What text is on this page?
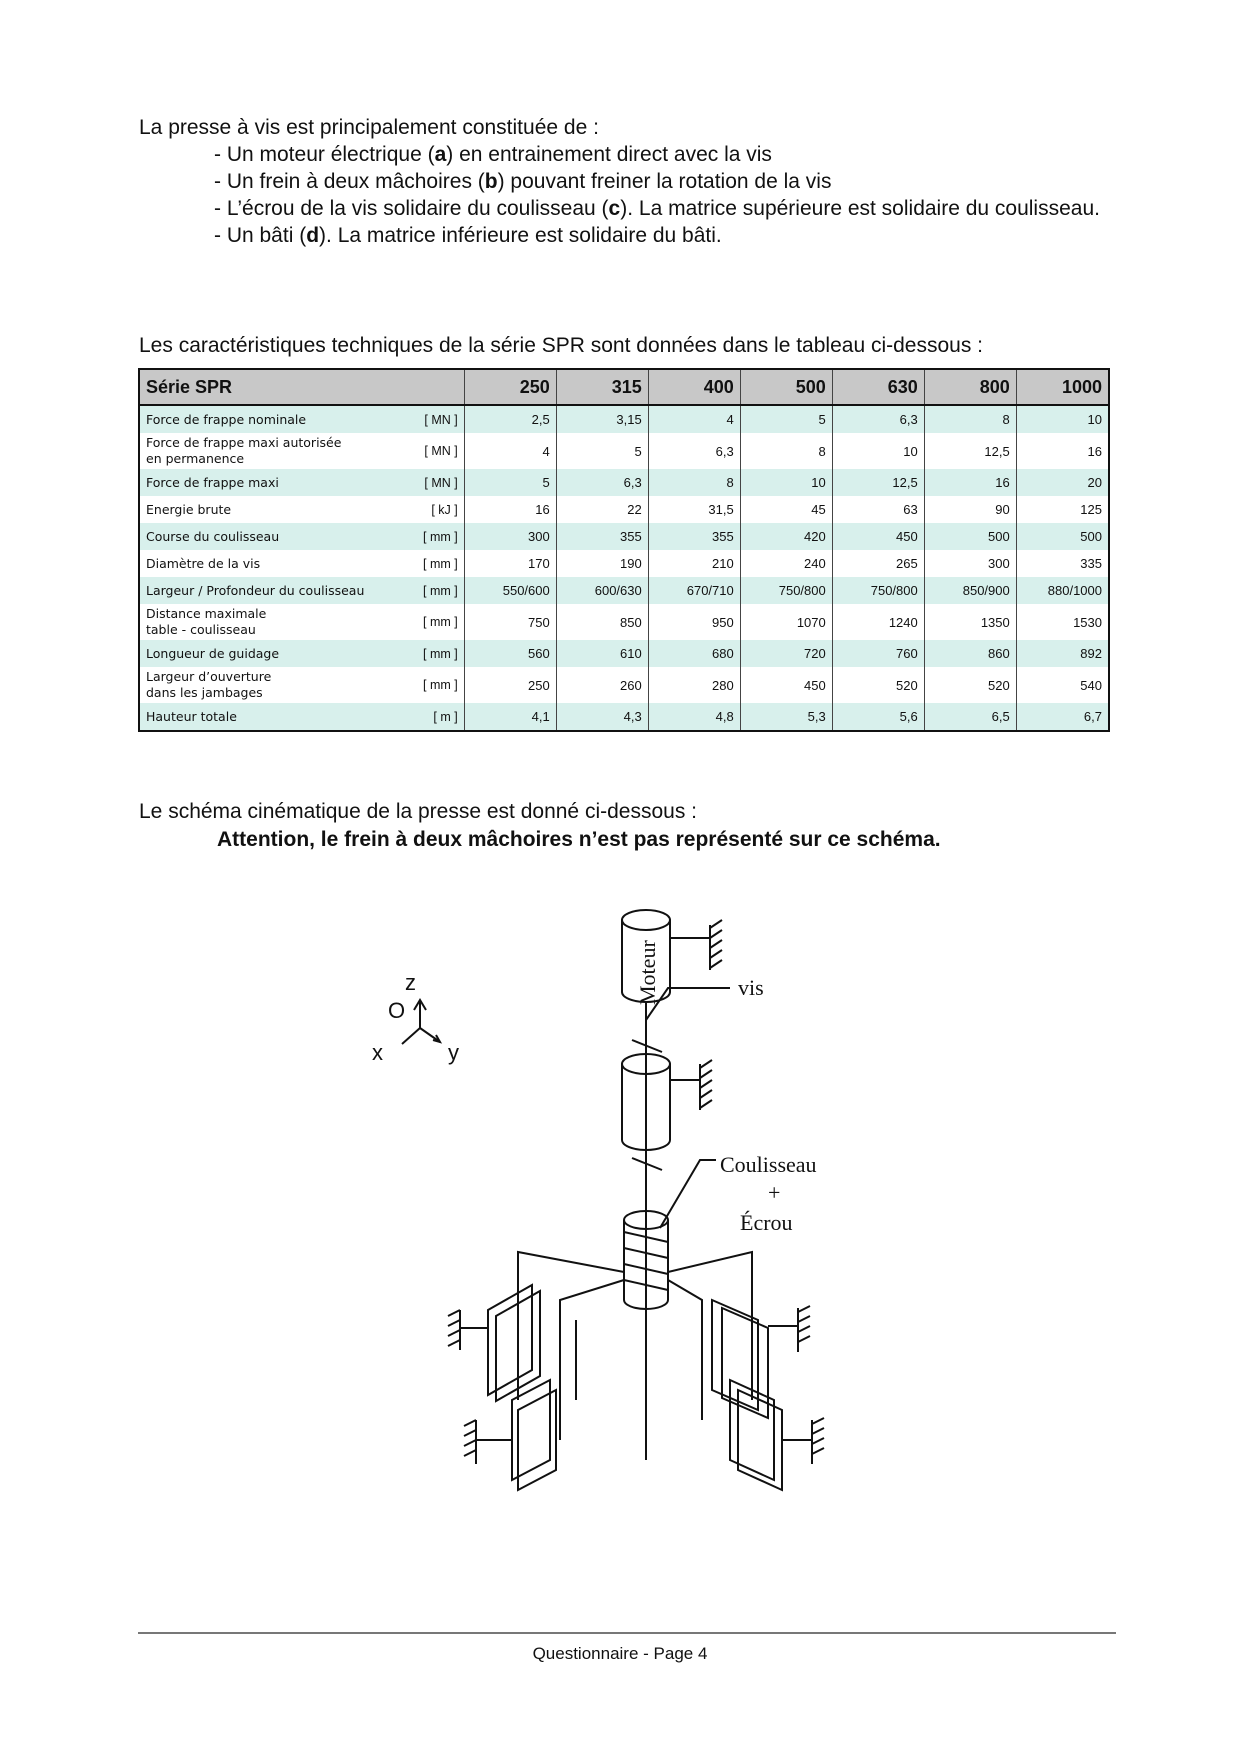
La presse à vis est principalement constituée de :
- Un moteur électrique (a) en entrainement direct avec la vis
- Un frein à deux mâchoires (b) pouvant freiner la rotation de la vis
- L’écrou de la vis solidaire du coulisseau (c). La matrice supérieure est solidaire du coulisseau.
- Un bâti (d). La matrice inférieure est solidaire du bâti.
Les caractéristiques techniques de la série SPR sont données dans le tableau ci-dessous :
Série SPR		250	315	400	500	630	800	1000

Force de frappe nominale	[ MN ]	2,5	3,15	4	5	6,3	8	10

Force de frappe maxi autorisée
en permanence	[ MN ]	4	5	6,3	8	10	12,5	16

Force de frappe maxi	[ MN ]	5	6,3	8	10	12,5	16	20

Energie brute	[ kJ ]	16	22	31,5	45	63	90	125

Course du coulisseau	[ mm ]	300	355	355	420	450	500	500

Diamètre de la vis	[ mm ]	170	190	210	240	265	300	335

Largeur / Profondeur du coulisseau	[ mm ]	550/600	600/630	670/710	750/800	750/800	850/900	880/1000

Distance maximale
table - coulisseau	[ mm ]	750	850	950	1070	1240	1350	1530

Longueur de guidage	[ mm ]	560	610	680	720	760	860	892

Largeur d’ouverture
dans les jambages	[ mm ]	250	260	280	450	520	520	540

Hauteur totale	[ m ]	4,1	4,3	4,8	5,3	5,6	6,5	6,7
Le schéma cinématique de la presse est donné ci-dessous :
Attention, le frein à deux mâchoires n’est pas représenté sur ce schéma.
Moteur	vis
z
O
x	y
Coulisseau
+
Écrou
Questionnaire - Page 4
